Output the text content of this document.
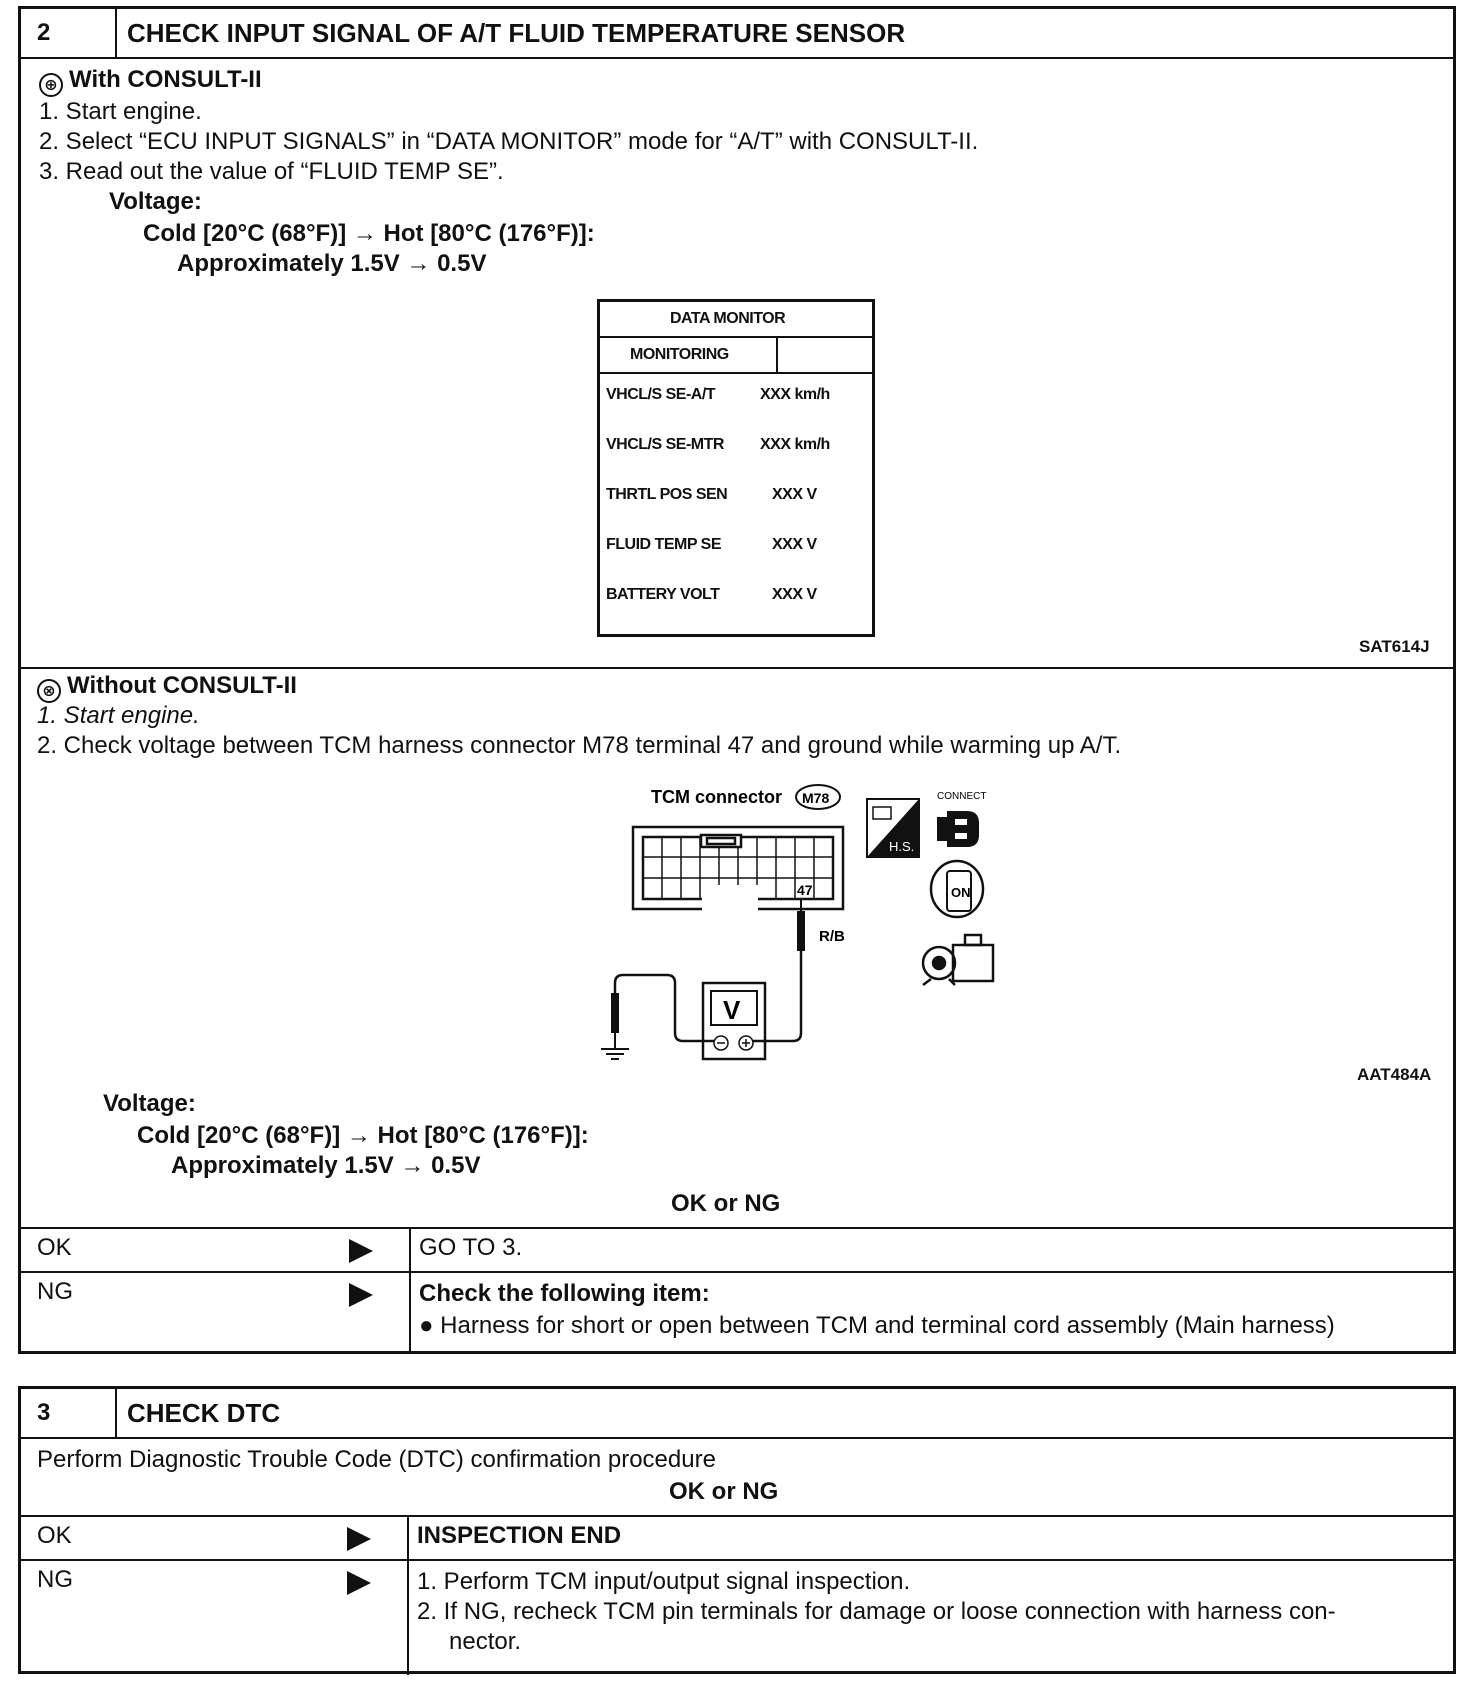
2	CHECK INPUT SIGNAL OF A/T FLUID TEMPERATURE SENSOR
⊕ With CONSULT-II
1. Start engine.
2. Select “ECU INPUT SIGNALS” in “DATA MONITOR” mode for “A/T” with CONSULT-II.
3. Read out the value of “FLUID TEMP SE”.
Voltage:
Cold [20°C (68°F)] → Hot [80°C (176°F)]:
Approximately 1.5V → 0.5V
DATA MONITOR
MONITORING
VHCL/S SE-A/T	XXX km/h
VHCL/S SE-MTR XXX km/h
THRTL POS SEN	XXX V
FLUID TEMP SE	XXX V
BATTERY VOLT	XXX V
SAT614J
⊗ Without CONSULT-II
1. Start engine.
2. Check voltage between TCM harness connector M78 terminal 47 and ground while warming up A/T.
47
R/B
V
TCM connector M78
H.S.
CONNECT
ON
AAT484A
Voltage:
Cold [20°C (68°F)] → Hot [80°C (176°F)]:
Approximately 1.5V → 0.5V
OK or NG
OK	GO TO 3.
NG	Check the following item:
● Harness for short or open between TCM and terminal cord assembly (Main harness)
3	CHECK DTC
Perform Diagnostic Trouble Code (DTC) confirmation procedure
OK or NG
OK	INSPECTION END
NG	1. Perform TCM input/output signal inspection.
2. If NG, recheck TCM pin terminals for damage or loose connection with harness con-
nector.
